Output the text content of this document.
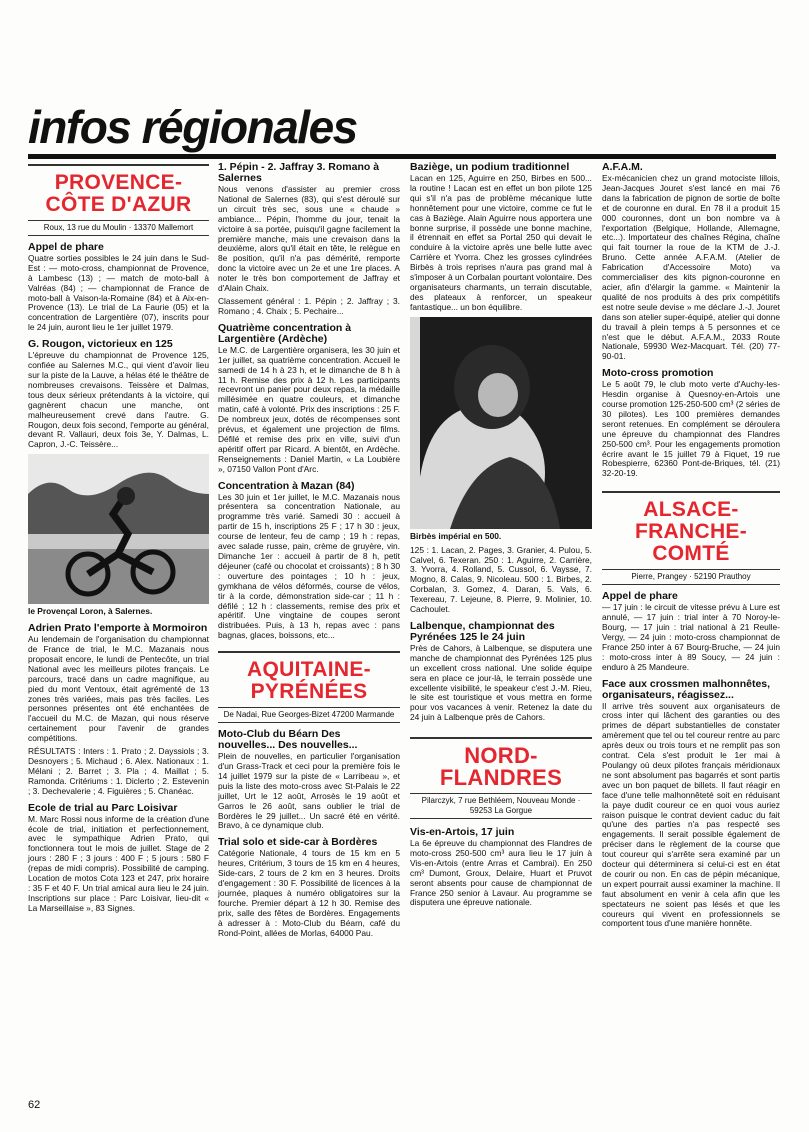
infos régionales
PROVENCE-CÔTE D'AZUR
Roux, 13 rue du Moulin · 13370 Mallemort
Appel de phare

Quatre sorties possibles le 24 juin dans le Sud-Est : — moto-cross, championnat de Provence, à Lambesc (13) ; — match de moto-ball à Valréas (84) ; — championnat de France de moto-ball à Vaison-la-Romaine (84) et à Aix-en-Provence (13). Le trial de La Faurie (05) et la concentration de Largentière (07), inscrits pour le 24 juin, auront lieu le 1er juillet 1979.

G. Rougon, victorieux en 125

L'épreuve du championnat de Provence 125, confiée au Salernes M.C., qui vient d'avoir lieu sur la piste de la Lauve, a hélas été le théâtre de nombreuses crevaisons. Teissère et Dalmas, tous deux sérieux prétendants à la victoire, qui gagnèrent chacun une manche, ont malheureusement crevé dans l'autre. G. Rougon, deux fois second, l'emporte au général, devant R. Vallauri, deux fois 3e, Y. Dalmas, L. Capron, J.-C. Teissère...

le Provençal Loron, à Salernes.
Adrien Prato l'emporte à Mormoiron

Au lendemain de l'organisation du championnat de France de trial, le M.C. Mazanais nous proposait encore, le lundi de Pentecôte, un trial National avec les meilleurs pilotes français. Le parcours, tracé dans un cadre magnifique, au pied du mont Ventoux, était agrémenté de 13 zones très variées, mais pas très faciles. Les personnes présentes ont été enchantées de l'accueil du M.C. de Mazan, qui nous réserve certainement pour l'avenir de grandes compétitions.

RÉSULTATS : Inters : 1. Prato ; 2. Dayssiols ; 3. Desnoyers ; 5. Michaud ; 6. Alex. Nationaux : 1. Mélani ; 2. Barret ; 3. Pla ; 4. Maillat ; 5. Ramonda. Critériums : 1. Diclerto ; 2. Estevenin ; 3. Dechevalerie ; 4. Figuières ; 5. Chanéac.

Ecole de trial au Parc Loisivar

M. Marc Rossi nous informe de la création d'une école de trial, initiation et perfectionnement, avec le sympathique Adrien Prato, qui fonctionnera tout le mois de juillet. Stage de 2 jours : 280 F ; 3 jours : 400 F ; 5 jours : 580 F (repas de midi compris). Possibilité de camping. Location de motos Cota 123 et 247, prix horaire : 35 F et 40 F. Un trial amical aura lieu le 24 juin. Inscriptions sur place : Parc Loisivar, lieu-dit « La Marseillaise », 83 Signes.

1. Pépin - 2. Jaffray 3. Romano à Salernes

Nous venons d'assister au premier cross National de Salernes (83), qui s'est déroulé sur un circuit très sec, sous une « chaude » ambiance... Pépin, l'homme du jour, tenait la victoire à sa portée, puisqu'il gagne facilement la première manche, mais une crevaison dans la deuxième, alors qu'il était en tête, le relègue en 8e position, qu'il n'a pas démérité, remporte donc la victoire avec un 2e et une 1re places. A noter le très bon comportement de Jaffray et d'Alain Chaix.

Classement général : 1. Pépin ; 2. Jaffray ; 3. Romano ; 4. Chaix ; 5. Pechaire...

Quatrième concentration à Largentière (Ardèche)

Le M.C. de Largentière organisera, les 30 juin et 1er juillet, sa quatrième concentration. Accueil le samedi de 14 h à 23 h, et le dimanche de 8 h à 11 h. Remise des prix à 12 h. Les participants recevront un panier pour deux repas, la médaille millésimée en quatre couleurs, et dimanche matin, café à volonté. Prix des inscriptions : 25 F. De nombreux jeux, dotés de récompenses sont prévus, et également une projection de films. Défilé et remise des prix en ville, suivi d'un apéritif offert par Ricard. A bientôt, en Ardèche. Renseignements : Daniel Martin, « La Loubière », 07150 Vallon Pont d'Arc.

Concentration à Mazan (84)

Les 30 juin et 1er juillet, le M.C. Mazanais nous présentera sa concentration Nationale, au programme très varié. Samedi 30 : accueil à partir de 15 h, inscriptions 25 F ; 17 h 30 : jeux, course de lenteur, feu de camp ; 19 h : repas, avec salade russe, pain, crème de gruyère, vin. Dimanche 1er : accueil à partir de 8 h, petit déjeuner (café ou chocolat et croissants) ; 8 h 30 : ouverture des pointages ; 10 h : jeux, gymkhana de vélos déformés, course de vélos, tir à la corde, démonstration side-car ; 11 h : défilé ; 12 h : classements, remise des prix et apéritif. Une vingtaine de coupes seront distribuées. Puis, à 13 h, repas avec : pans bagnas, glaces, boissons, etc...

AQUITAINE-PYRÉNÉES
De Nadai, Rue Georges-Bizet 47200 Marmande
Moto-Club du Béarn Des nouvelles... Des nouvelles...

Plein de nouvelles, en particulier l'organisation d'un Grass-Track et ceci pour la première fois le 14 juillet 1979 sur la piste de « Larribeau », et puis la liste des moto-cross avec St-Palais le 22 juillet, Urt le 12 août, Arrosès le 19 août et Garros le 26 août, sans oublier le trial de Bordères le 29 juillet... Un sacré été en vérité. Bravo, à ce dynamique club.

Trial solo et side-car à Bordères

Catégorie Nationale, 4 tours de 15 km en 5 heures, Critérium, 3 tours de 15 km en 4 heures, Side-cars, 2 tours de 2 km en 3 heures. Droits d'engagement : 30 F. Possibilité de licences à la journée, plaques à numéro obligatoires sur la fourche. Premier départ à 12 h 30. Remise des prix, salle des fêtes de Bordères. Engagements à adresser à : Moto-Club du Béarn, café du Rond-Point, allées de Morlas, 64000 Pau.

Baziège, un podium traditionnel

Lacan en 125, Aguirre en 250, Birbes en 500... la routine ! Lacan est en effet un bon pilote 125 qui s'il n'a pas de problème mécanique lutte honnêtement pour une victoire, comme ce fut le cas à Baziège. Alain Aguirre nous apportera une bonne surprise, il possède une bonne machine, il étrennait en effet sa Portal 250 qui devait le conduire à la victoire après une belle lutte avec Carrière et Yvorra. Chez les grosses cylindrées Birbès à trois reprises n'aura pas grand mal à s'imposer à un Corbalan pourtant volontaire. Des organisateurs charmants, un terrain discutable, des plateaux à renforcer, un speakeur fantastique... un bon équilibre.

Birbès impérial en 500.

125 : 1. Lacan, 2. Pages, 3. Granier, 4. Pulou, 5. Calvel, 6. Texeran. 250 : 1. Aguirre, 2. Carrière, 3. Yvorra, 4. Rolland, 5. Cussol, 6. Vaysse, 7. Mogno, 8. Calas, 9. Nicoleau. 500 : 1. Birbes, 2. Corbalan, 3. Gomez, 4. Daran, 5. Vals, 6. Texereau, 7. Lejeune, 8. Pierre, 9. Molinier, 10. Cachoulet.

Lalbenque, championnat des Pyrénées 125 le 24 juin

Près de Cahors, à Lalbenque, se disputera une manche de championnat des Pyrénées 125 plus un excellent cross national. Une solide équipe sera en place ce jour-là, le terrain possède une excellente visibilité, le speakeur c'est J.-M. Rieu, le site est touristique et vous mettra en forme pour vos vacances à venir. Retenez la date du 24 juin à Lalbenque près de Cahors.

NORD-FLANDRES
Pilarczyk, 7 rue Bethléem, Nouveau Monde · 59253 La Gorgue
Vis-en-Artois, 17 juin

La 6e épreuve du championnat des Flandres de moto-cross 250-500 cm³ aura lieu le 17 juin à Vis-en-Artois (entre Arras et Cambrai). En 250 cm³ Dumont, Groux, Delaire, Huart et Pruvot seront absents pour cause de championnat de France 250 senior à Lavaur. Au programme se disputera une épreuve nationale.

A.F.A.M.

Ex-mécanicien chez un grand motociste lillois, Jean-Jacques Jouret s'est lancé en mai 76 dans la fabrication de pignon de sortie de boîte et de couronne en dural. En 78 il a produit 15 000 couronnes, dont un bon nombre va à l'exportation (Belgique, Hollande, Allemagne, etc...). Importateur des chaînes Régina, chaîne qui fait tourner la roue de la KTM de J.-J. Bruno. Cette année A.F.A.M. (Atelier de Fabrication d'Accessoire Moto) va commercialiser des kits pignon-couronne en acier, afin d'élargir la gamme. « Maintenir la qualité de nos produits à des prix compétitifs est notre seule devise » me déclare J.-J. Jouret dans son atelier super-équipé, atelier qui donne du travail à plein temps à 5 personnes et ce n'est que le début. A.F.A.M., 2033 Route Nationale, 59930 Wez-Macquart. Tél. (20) 77-90-01.

Moto-cross promotion

Le 5 août 79, le club moto verte d'Auchy-les-Hesdin organise à Quesnoy-en-Artois une course promotion 125-250-500 cm³ (2 séries de 30 pilotes). Les 100 premières demandes seront retenues. En complément se déroulera une épreuve du championnat des Flandres 250-500 cm³. Pour les engagements promotion écrire avant le 15 juillet 79 à Fiquet, 19 rue Robespierre, 62360 Pont-de-Briques, tél. (21) 32-20-19.

ALSACE-FRANCHE-COMTÉ
Pierre, Prangey · 52190 Prauthoy
Appel de phare

— 17 juin : le circuit de vitesse prévu à Lure est annulé, — 17 juin : trial inter à 70 Noroy-le-Bourg, — 17 juin : trial national à 21 Reulle-Vergy, — 24 juin : moto-cross championnat de France 250 inter à 67 Bourg-Bruche, — 24 juin : moto-cross inter à 89 Soucy, — 24 juin : enduro à 25 Mandeure.

Face aux crossmen malhonnêtes, organisateurs, réagissez...

Il arrive très souvent aux organisateurs de cross inter qui lâchent des garanties ou des primes de départ substantielles de constater amèrement que tel ou tel coureur rentre au parc après deux ou trois tours et ne remplit pas son contrat. Cela s'est produit le 1er mai à Poulangy où deux pilotes français méridionaux ne sont absolument pas bagarrés et sont partis avec un bon paquet de billets. Il faut réagir en face d'une telle malhonnêteté soit en réduisant la paye dudit coureur ce en quoi vous auriez raison puisque le contrat devient caduc du fait qu'une des parties n'a pas respecté ses engagements. Il serait possible également de préciser dans le règlement de la course que tout coureur qui s'arrête sera examiné par un docteur qui déterminera si celui-ci est en état de courir ou non. En cas de pépin mécanique, un expert pourrait aussi examiner la machine. Il faut absolument en venir à cela afin que les spectateurs ne soient pas lésés et que les coureurs qui vivent en professionnels se comportent tous d'une manière honnête.

62
